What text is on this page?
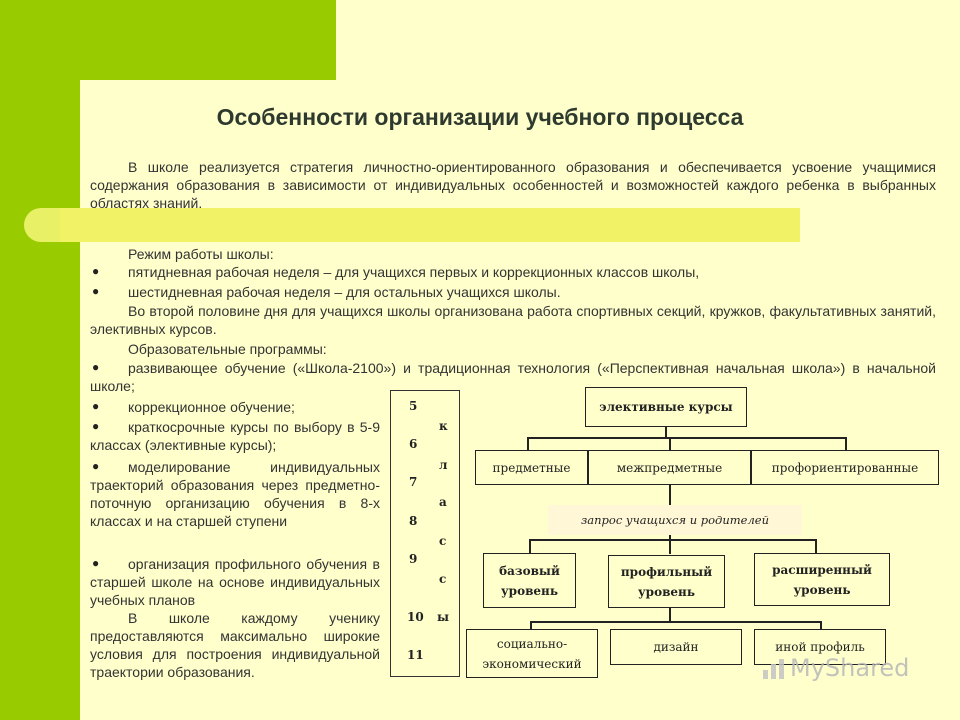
Особенности организации учебного процесса

В школе реализуется стратегия личностно-ориентированного образования и обеспечивается усвоение учащимися содержания образования в зависимости от индивидуальных особенностей и возможностей каждого ребенка в выбранных областях знаний.

Режим работы школы:

● пятидневная рабочая неделя – для учащихся первых и коррекционных классов школы,

● шестидневная рабочая неделя – для остальных учащихся школы.

Во второй половине дня для учащихся школы организована работа спортивных секций, кружков, факультативных занятий, элективных курсов.

Образовательные программы:

●	развивающее обучение («Школа-2100») и традиционная технология («Перспективная начальная школа») в начальной школе;

● коррекционное обучение;

●	краткосрочные курсы по выбору в 5-9 классах (элективные курсы);

●	моделирование индивидуальных траекторий образования через предметно-поточную организацию обучения в 8-х классах и на старшей ступени

●	организация профильного обучения в старшей школе на основе индивидуальных учебных планов

В школе каждому ученику предоставляются максимально широкие условия для построения индивидуальной траектории образования.

5
6
7
8
9
10
11
к
л
а
с
с
ы
элективные курсы
предметные	межпредметные	профориентированные
запрос учащихся и родителей
базовый
уровень
профильный
уровень
расширенный
уровень
социально-
экономический
дизайн	иной профиль
MyShared
